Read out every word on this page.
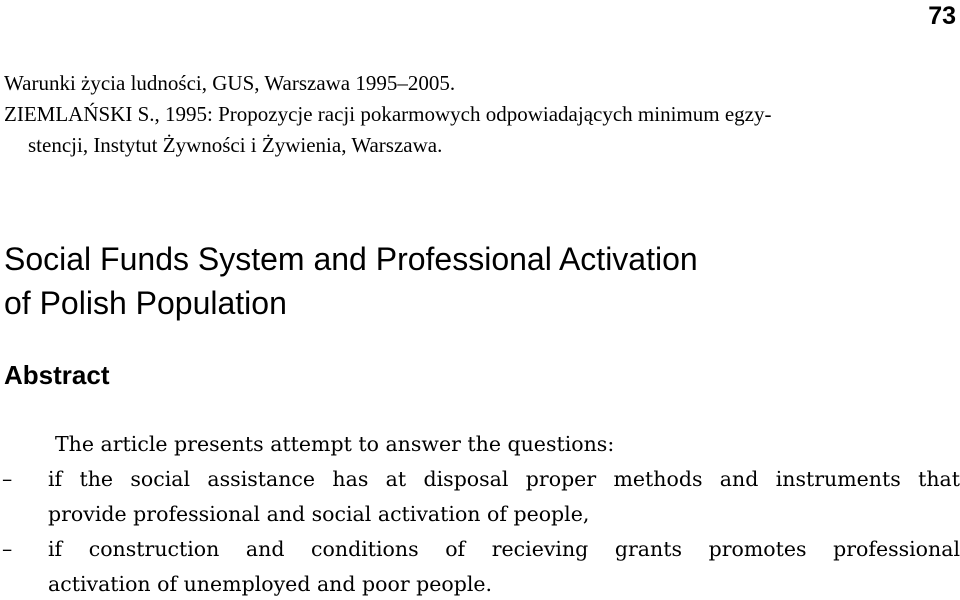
73

Warunki życia ludności, GUS, Warszawa 1995–2005.

ZIEMLAŃSKI S., 1995: Propozycje racji pokarmowych odpowiadających minimum egzy-

stencji, Instytut Żywności i Żywienia, Warszawa.

Social Funds System and Professional Activation
of Polish Population
Abstract

The article presents attempt to answer the questions:

– if the social assistance has at disposal proper methods and instruments that
provide professional and social activation of people,
– if construction and conditions of recieving grants promotes professional
activation of unemployed and poor people.
